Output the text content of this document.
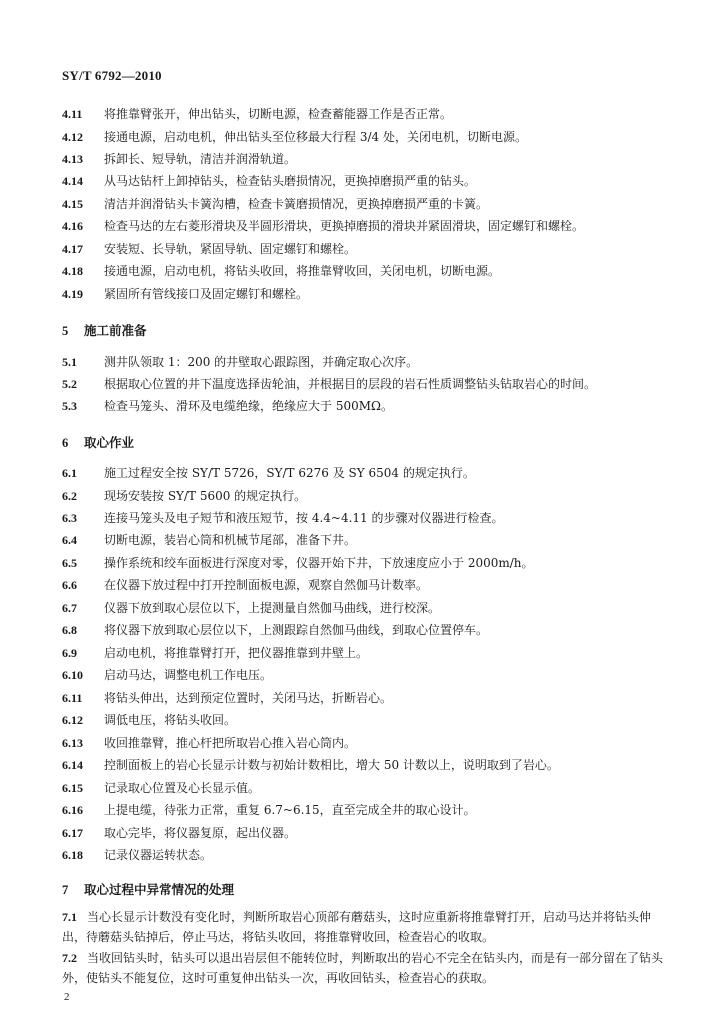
SY/T 6792—2010
4.11 将推靠臂张开，伸出钻头，切断电源，检查蓄能器工作是否正常。
4.12 接通电源，启动电机，伸出钻头至位移最大行程 3/4 处，关闭电机，切断电源。
4.13 拆卸长、短导轨，清洁并润滑轨道。
4.14 从马达钻杆上卸掉钻头，检查钻头磨损情况，更换掉磨损严重的钻头。
4.15 清洁并润滑钻头卡簧沟槽，检查卡簧磨损情况，更换掉磨损严重的卡簧。
4.16 检查马达的左右菱形滑块及半圆形滑块，更换掉磨损的滑块并紧固滑块，固定螺钉和螺栓。
4.17 安装短、长导轨，紧固导轨、固定螺钉和螺栓。
4.18 接通电源，启动电机，将钻头收回，将推靠臂收回，关闭电机，切断电源。
4.19 紧固所有管线接口及固定螺钉和螺栓。
5 施工前准备
5.1 测井队领取 1：200 的井壁取心跟踪图，并确定取心次序。
5.2 根据取心位置的井下温度选择齿轮油，并根据目的层段的岩石性质调整钻头钻取岩心的时间。
5.3 检查马笼头、滑环及电缆绝缘，绝缘应大于 500MΩ。
6 取心作业
6.1 施工过程安全按 SY/T 5726，SY/T 6276 及 SY 6504 的规定执行。
6.2 现场安装按 SY/T 5600 的规定执行。
6.3 连接马笼头及电子短节和液压短节，按 4.4~4.11 的步骤对仪器进行检查。
6.4 切断电源，装岩心筒和机械节尾部，准备下井。
6.5 操作系统和绞车面板进行深度对零，仪器开始下井，下放速度应小于 2000m/h。
6.6 在仪器下放过程中打开控制面板电源，观察自然伽马计数率。
6.7 仪器下放到取心层位以下，上提测量自然伽马曲线，进行校深。
6.8 将仪器下放到取心层位以下，上测跟踪自然伽马曲线，到取心位置停车。
6.9 启动电机，将推靠臂打开，把仪器推靠到井壁上。
6.10 启动马达，调整电机工作电压。
6.11 将钻头伸出，达到预定位置时，关闭马达，折断岩心。
6.12 调低电压，将钻头收回。
6.13 收回推靠臂，推心杆把所取岩心推入岩心筒内。
6.14 控制面板上的岩心长显示计数与初始计数相比，增大 50 计数以上，说明取到了岩心。
6.15 记录取心位置及心长显示值。
6.16 上提电缆，待张力正常，重复 6.7~6.15，直至完成全井的取心设计。
6.17 取心完毕，将仪器复原，起出仪器。
6.18 记录仪器运转状态。
7 取心过程中异常情况的处理
7.1 当心长显示计数没有变化时，判断所取岩心顶部有蘑菇头，这时应重新将推靠臂打开，启动马达并将钻头伸出，待蘑菇头钻掉后，停止马达，将钻头收回，将推靠臂收回，检查岩心的收取。
7.2 当收回钻头时，钻头可以退出岩层但不能转位时，判断取出的岩心不完全在钻头内，而是有一部分留在了钻头外，使钻头不能复位，这时可重复伸出钻头一次，再收回钻头，检查岩心的获取。
2
